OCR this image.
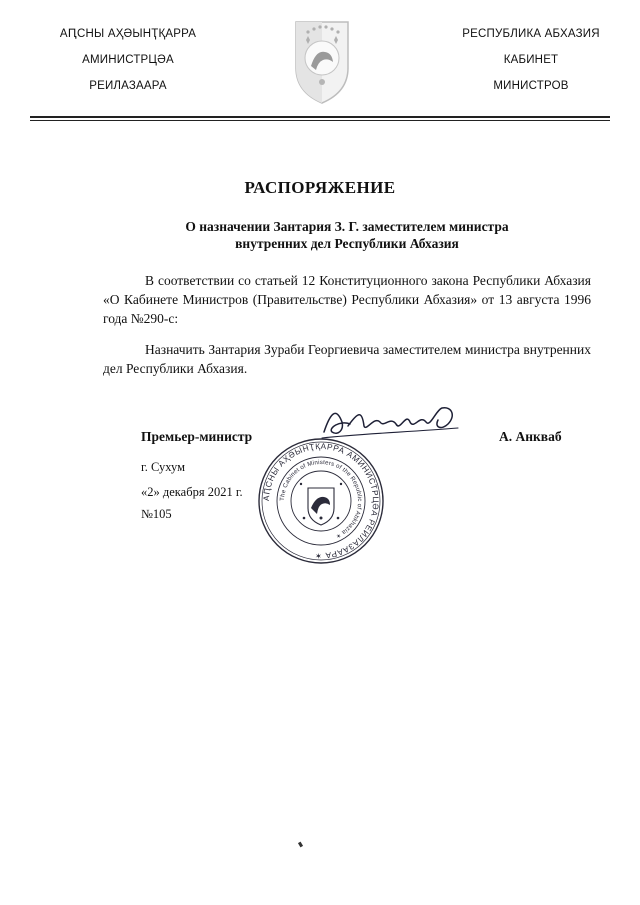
АԤСНЫ АҲӘЫНҬҚАРРА
АМИНИСТРЦӘА
РЕИЛАЗААРА
РЕСПУБЛИКА АБХАЗИЯ
КАБИНЕТ
МИНИСТРОВ
РАСПОРЯЖЕНИЕ
О назначении Зантария З. Г. заместителем министра
внутренних дел Республики Абхазия
В соответствии со статьей 12 Конституционного закона Республики Абхазия «О Кабинете Министров (Правительстве) Республики Абхазия» от 13 августа 1996 года №290-с:
Назначить Зантария Зураби Георгиевича заместителем министра внутренних дел Республики Абхазия.
Премьер-министр	А. Анкваб
г. Сухум
«2» декабря 2021 г.
№105
АԤСНЫ АҲӘЫНҬҚАРРА АМИНИСТРЦӘА РЕИЛАЗААРА ✶
The Cabinet of Ministers of the Republic of Abkhazia ✶
